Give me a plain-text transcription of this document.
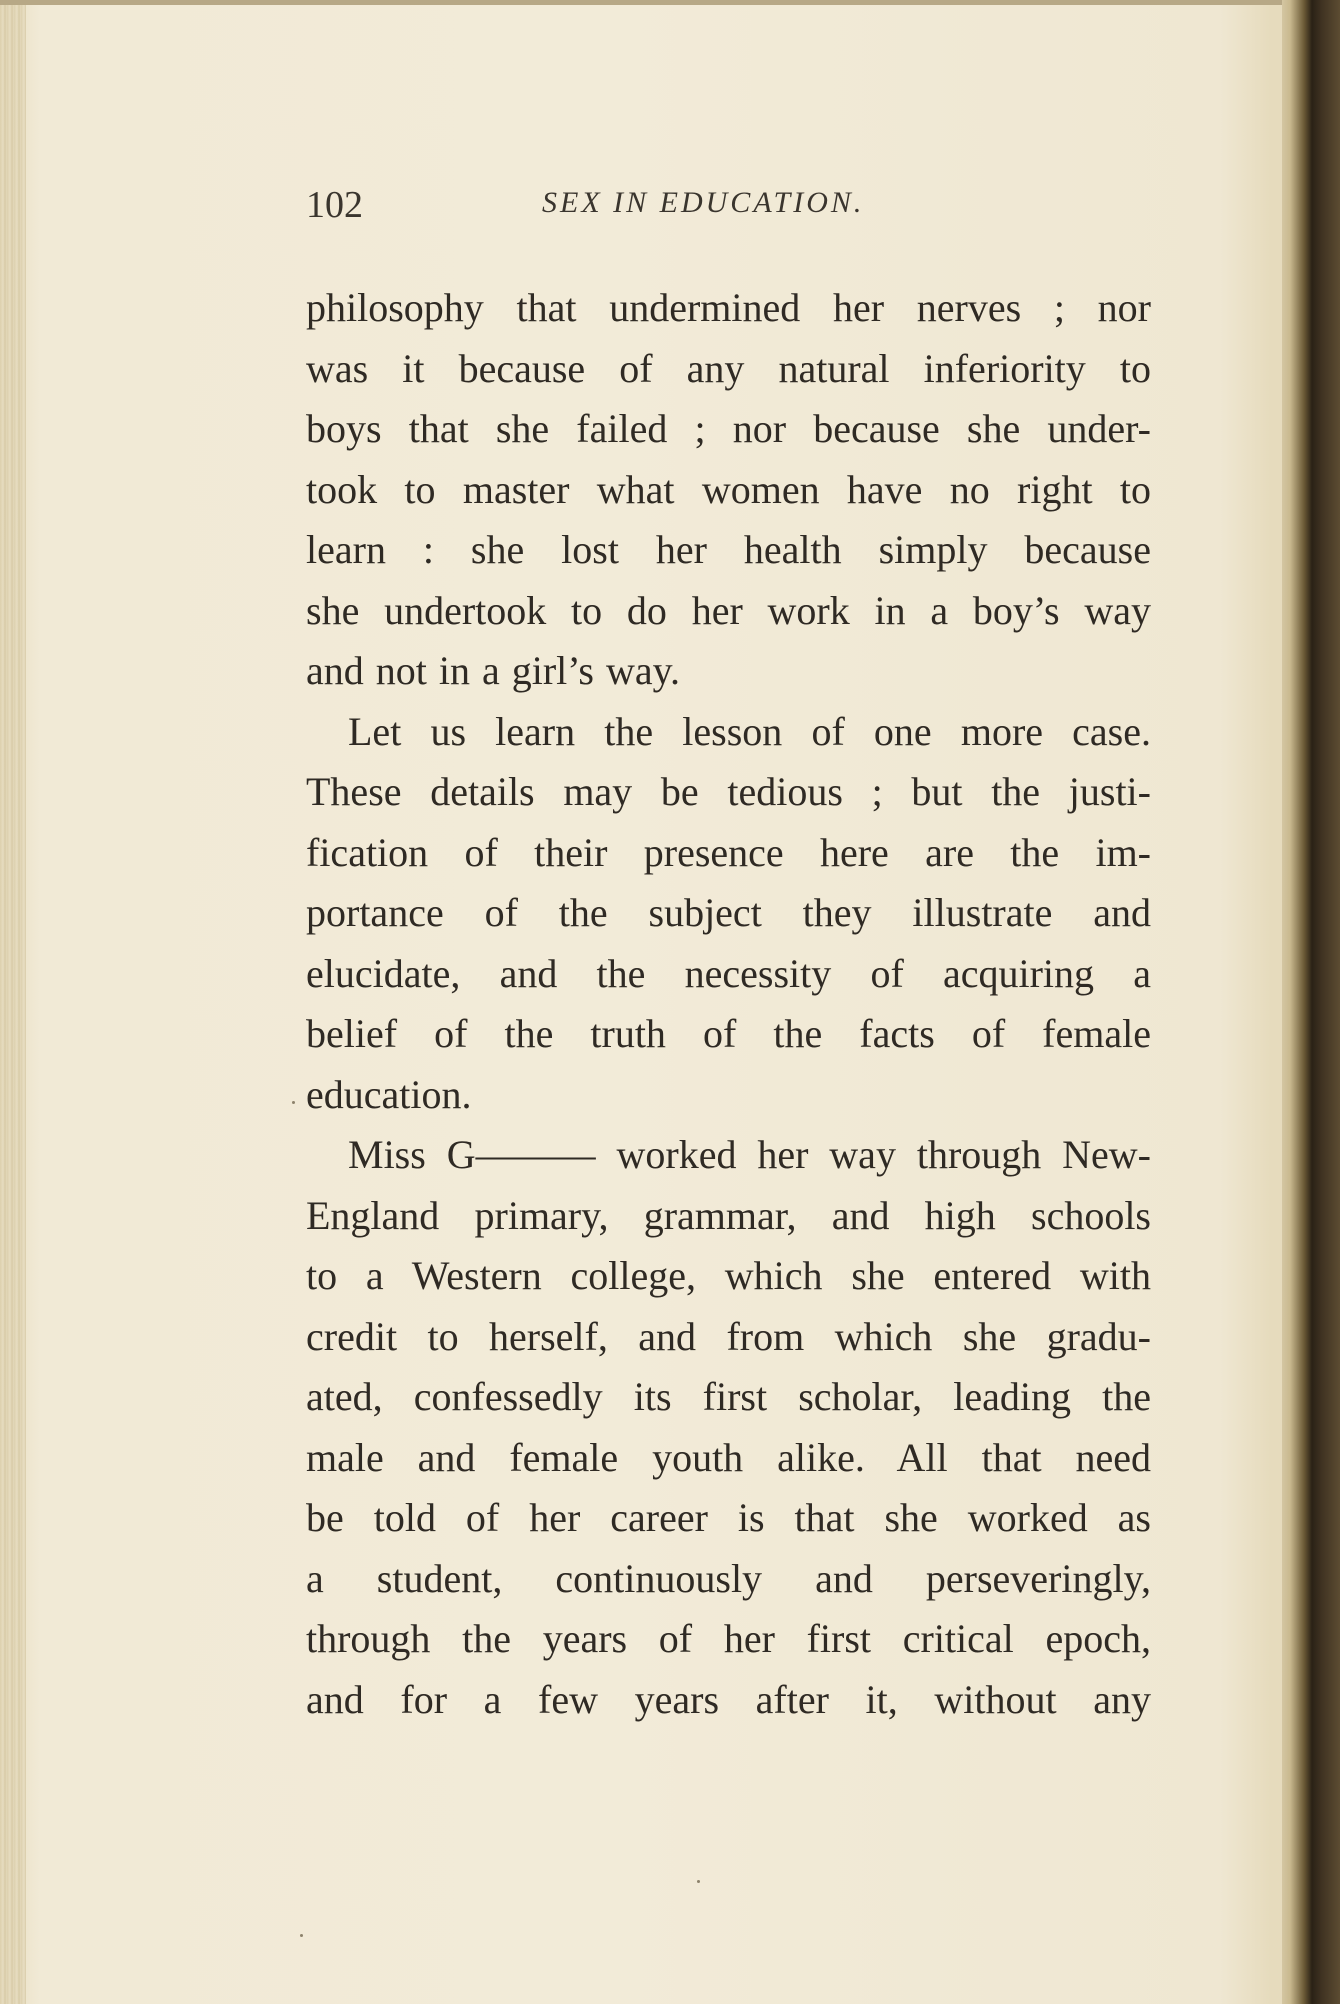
102	SEX IN EDUCATION.
philosophy that undermined her nerves ; nor
was it because of any natural inferiority to
boys that she failed ; nor because she under-
took to master what women have no right to
learn : she lost her health simply because
she undertook to do her work in a boy’s way
and not in a girl’s way.
Let us learn the lesson of one more case.
These details may be tedious ; but the justi-
fication of their presence here are the im-
portance of the subject they illustrate and
elucidate, and the necessity of acquiring a
belief of the truth of the facts of female
education.
Miss G——— worked her way through New-
England primary, grammar, and high schools
to a Western college, which she entered with
credit to herself, and from which she gradu-
ated, confessedly its first scholar, leading the
male and female youth alike. All that need
be told of her career is that she worked as
a student, continuously and perseveringly,
through the years of her first critical epoch,
and for a few years after it, without any
